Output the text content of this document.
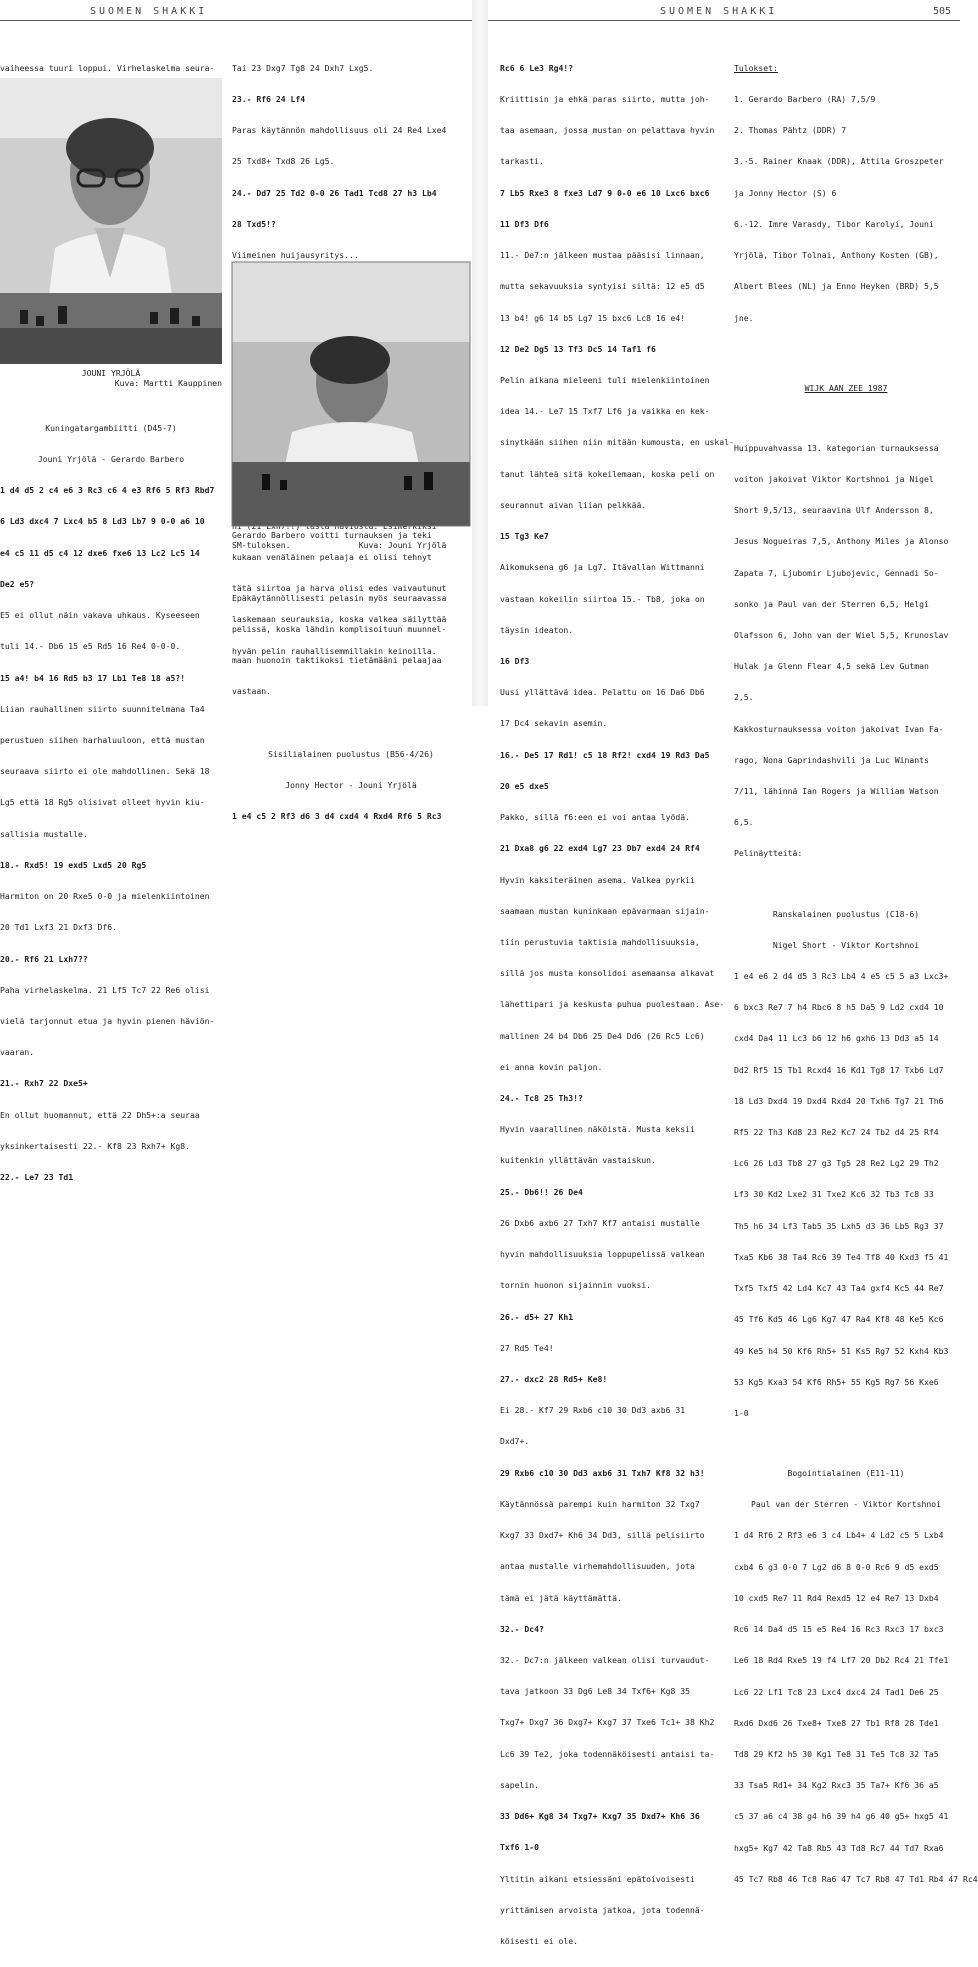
SUOMEN SHAKKI

vaiheessa tuuri loppui. Virhelaskelma seura-

JOUNI YRJÖLÄ
Kuva: Martti Kauppinen

Kuningatargambiitti (D45-7)

Jouni Yrjölä - Gerardo Barbero

1 d4 d5 2 c4 e6 3 Rc3 c6 4 e3 Rf6 5 Rf3 Rbd7

6 Ld3 dxc4 7 Lxc4 b5 8 Ld3 Lb7 9 0-0 a6 10

e4 c5 11 d5 c4 12 dxe6 fxe6 13 Lc2 Lc5 14

De2 e5?

E5 ei ollut näin vakava uhkaus. Kyseeseen

tuli 14.- Db6 15 e5 Rd5 16 Re4 0-0-0.

15 a4! b4 16 Rd5 b3 17 Lb1 Te8 18 a5?!

Liian rauhallinen siirto suunnitelmana Ta4

perustuen siihen harhaluuloon, että mustan

seuraava siirto ei ole mahdollinen. Sekä 18

Lg5 että 18 Rg5 olisivat olleet hyvin kiu-

sallisia mustalle.

18.- Rxd5! 19 exd5 Lxd5 20 Rg5

Harmiton on 20 Rxe5 0-0 ja mielenkiintoinen

20 Td1 Lxf3 21 Dxf3 Df6.

20.- Rf6 21 Lxh7??

Paha virhelaskelma. 21 Lf5 Tc7 22 Re6 olisi

vielä tarjonnut etua ja hyvin pienen häviön-

vaaran.

21.- Rxh7 22 Dxe5+

En ollut huomannut, että 22 Dh5+:a seuraa

yksinkertaisesti 22.- Kf8 23 Rxh7+ Kg8.

22.- Le7 23 Td1

Tai 23 Dxg7 Tg8 24 Dxh7 Lxg5.

23.- Rf6 24 Lf4

Paras käytännön mahdollisuus oli 24 Re4 Lxe4

25 Txd8+ Txd8 26 Lg5.

24.- Dd7 25 Td2 0-0 26 Tad1 Tcd8 27 h3 Lb4

28 Txd5!?

Viimeinen huijausyritys...

kukaan venäläinen pelaaja ei olisi tehnyt

tätä siirtoa ja harva olisi edes vaivautunut

laskemaan seurauksia, koska valkea säilyttää

hyvän pelin rauhallisemmillakin keinoilla.

Gerardo Barbero voitti turnauksen ja teki
SM-tuloksen.              Kuva: Jouni Yrjölä

Epäkäytännöllisesti pelasin myös seuraavassa

pelissä, koska lähdin komplisoituun muunnel-

maan huonoin taktikoksi tietämääni pelaajaa

vastaan.

Sisilialainen puolustus (B56-4/26)

Jonny Hector - Jouni Yrjölä

1 e4 c5 2 Rf3 d6 3 d4 cxd4 4 Rxd4 Rf6 5 Rc3

SUOMEN SHAKKI	505

Rc6 6 Le3 Rg4!?

Kriittisin ja ehkä paras siirto, mutta joh-

taa asemaan, jossa mustan on pelattava hyvin

tarkasti.

7 Lb5 Rxe3 8 fxe3 Ld7 9 0-0 e6 10 Lxc6 bxc6

11 Df3 Df6

11.- De7:n jälkeen mustaa pääsisi linnaan,

mutta sekavuuksia syntyisi siltä: 12 e5 d5

13 b4! g6 14 b5 Lg7 15 bxc6 Lc8 16 e4!

12 De2 Dg5 13 Tf3 Dc5 14 Taf1 f6

Pelin aikana mieleeni tuli mielenkiintoinen

idea 14.- Le7 15 Txf7 Lf6 ja vaikka en kek-

sinytkään siihen niin mitään kumousta, en uskal-

tanut lähteä sitä kokeilemaan, koska peli on

seurannut aivan liian pelkkää.

15 Tg3 Ke7

Aikomuksena g6 ja Lg7. Itävallan Wittmanni

vastaan kokeilin siirtoa 15.- Tb8, joka on

täysin ideaton.

16 Df3

Uusi yllättävä idea. Pelattu on 16 Da6 Db6

17 Dc4 sekavin asemin.

16.- De5 17 Rd1! c5 18 Rf2! cxd4 19 Rd3 Da5

20 e5 dxe5

Pakko, sillä f6:een ei voi antaa lyödä.

21 Dxa8 g6 22 exd4 Lg7 23 Db7 exd4 24 Rf4

Hyvin kaksiteräinen asema. Valkea pyrkii

saamaan mustan kuninkaan epävarmaan sijain-

tiin perustuvia taktisia mahdollisuuksia,

sillä jos musta konsolidoi asemaansa alkavat

lähettipari ja keskusta puhua puolestaan. Ase-

mallinen 24 b4 Db6 25 De4 Dd6 (26 Rc5 Lc6)

ei anna kovin paljon.

24.- Tc8 25 Th3!?

Hyvin vaarallinen näköistä. Musta keksii

kuitenkin yllättävän vastaiskun.

25.- Db6!! 26 De4

26 Dxb6 axb6 27 Txh7 Kf7 antaisi mustalle

hyvin mahdollisuuksia loppupelissä valkean

tornin huonon sijainnin vuoksi.

26.- d5+ 27 Kh1

27 Rd5 Te4!

27.- dxc2 28 Rd5+ Ke8!

Ei 28.- Kf7 29 Rxb6 c10 30 Dd3 axb6 31

Dxd7+.

29 Rxb6 c10 30 Dd3 axb6 31 Txh7 Kf8 32 h3!

Käytännössä parempi kuin harmiton 32 Txg7

Kxg7 33 Dxd7+ Kh6 34 Dd3, sillä pelisiirto

antaa mustalle virhemahdollisuuden, jota

tämä ei jätä käyttämättä.

32.- Dc4?

32.- Dc7:n jälkeen valkean olisi turvaudut-

tava jatkoon 33 Dg6 Le8 34 Txf6+ Kg8 35

Txg7+ Dxg7 36 Dxg7+ Kxg7 37 Txe6 Tc1+ 38 Kh2

Lc6 39 Te2, joka todennäköisesti antaisi ta-

sapelin.

33 Dd6+ Kg8 34 Txg7+ Kxg7 35 Dxd7+ Kh6 36

Txf6 1-0

Yltitin aikani etsiessäni epätoivoisesti

yrittämisen arvoista jatkoa, jota todennä-

köisesti ei ole.

Tulokset:

1. Gerardo Barbero (RA) 7,5/9

2. Thomas Pähtz (DDR) 7

3.-5. Rainer Knaak (DDR), Attila Groszpeter

ja Jonny Hector (S) 6

6.-12. Imre Varasdy, Tibor Karolyi, Jouni

Yrjölä, Tibor Tolnai, Anthony Kosten (GB),

Albert Blees (NL) ja Enno Heyken (BRD) 5,5

jne.

WIJK AAN ZEE 1987

Huippuvahvassa 13. kategorian turnauksessa

voiton jakoivat Viktor Kortshnoi ja Nigel

Short 9,5/13, seuraavina Ulf Andersson 8,

Jesus Nogueiras 7,5, Anthony Miles ja Alonso

Zapata 7, Ljubomir Ljubojevic, Gennadi So-

sonko ja Paul van der Sterren 6,5, Helgi

Olafsson 6, John van der Wiel 5,5, Krunoslav

Hulak ja Glenn Flear 4,5 sekä Lev Gutman

2,5.

Kakkosturnauksessa voiton jakoivat Ivan Fa-

rago, Nona Gaprindashvili ja Luc Winants

7/11, lähinnä Ian Rogers ja William Watson

6,5.

Pelinäytteitä:

Ranskalainen puolustus (C18-6)

Nigel Short - Viktor Kortshnoi

1 e4 e6 2 d4 d5 3 Rc3 Lb4 4 e5 c5 5 a3 Lxc3+

6 bxc3 Re7 7 h4 Rbc6 8 h5 Da5 9 Ld2 cxd4 10

cxd4 Da4 11 Lc3 b6 12 h6 gxh6 13 Dd3 a5 14

Dd2 Rf5 15 Tb1 Rcxd4 16 Kd1 Tg8 17 Txb6 Ld7

18 Ld3 Dxd4 19 Dxd4 Rxd4 20 Txh6 Tg7 21 Th6

Rf5 22 Th3 Kd8 23 Re2 Kc7 24 Tb2 d4 25 Rf4

Lc6 26 Ld3 Tb8 27 g3 Tg5 28 Re2 Lg2 29 Th2

Lf3 30 Kd2 Lxe2 31 Txe2 Kc6 32 Tb3 Tc8 33

Th5 h6 34 Lf3 Tab5 35 Lxh5 d3 36 Lb5 Rg3 37

Txa5 Kb6 38 Ta4 Rc6 39 Te4 Tf8 40 Kxd3 f5 41

Txf5 Txf5 42 Ld4 Kc7 43 Ta4 gxf4 Kc5 44 Re7

45 Tf6 Kd5 46 Lg6 Kg7 47 Ra4 Kf8 48 Ke5 Kc6

49 Ke5 h4 50 Kf6 Rh5+ 51 Ks5 Rg7 52 Kxh4 Kb3

53 Kg5 Kxa3 54 Kf6 Rh5+ 55 Kg5 Rg7 56 Kxe6

1-0

Bogointialainen (E11-11)

Paul van der Sterren - Viktor Kortshnoi

1 d4 Rf6 2 Rf3 e6 3 c4 Lb4+ 4 Ld2 c5 5 Lxb4

cxb4 6 g3 0-0 7 Lg2 d6 8 0-0 Rc6 9 d5 exd5

10 cxd5 Re7 11 Rd4 Rexd5 12 e4 Re7 13 Dxb4

Rc6 14 Da4 d5 15 e5 Re4 16 Rc3 Rxc3 17 bxc3

Le6 18 Rd4 Rxe5 19 f4 Lf7 20 Db2 Rc4 21 Tfe1

Lc6 22 Lf1 Tc8 23 Lxc4 dxc4 24 Tad1 De6 25

Rxd6 Dxd6 26 Txe8+ Txe8 27 Tb1 Rf8 28 Tde1

Td8 29 Kf2 h5 30 Kg1 Te8 31 Te5 Tc8 32 Ta5

33 Tsa5 Rd1+ 34 Kg2 Rxc3 35 Ta7+ Kf6 36 a5

c5 37 a6 c4 38 g4 h6 39 h4 g6 40 g5+ hxg5 41

hxg5+ Kg7 42 Ta8 Rb5 43 Td8 Rc7 44 Td7 Rxa6

45 Tc7 Rb8 46 Tc8 Ra6 47 Tc7 Rb8 47 Td1 Rb4 47 Rc4
